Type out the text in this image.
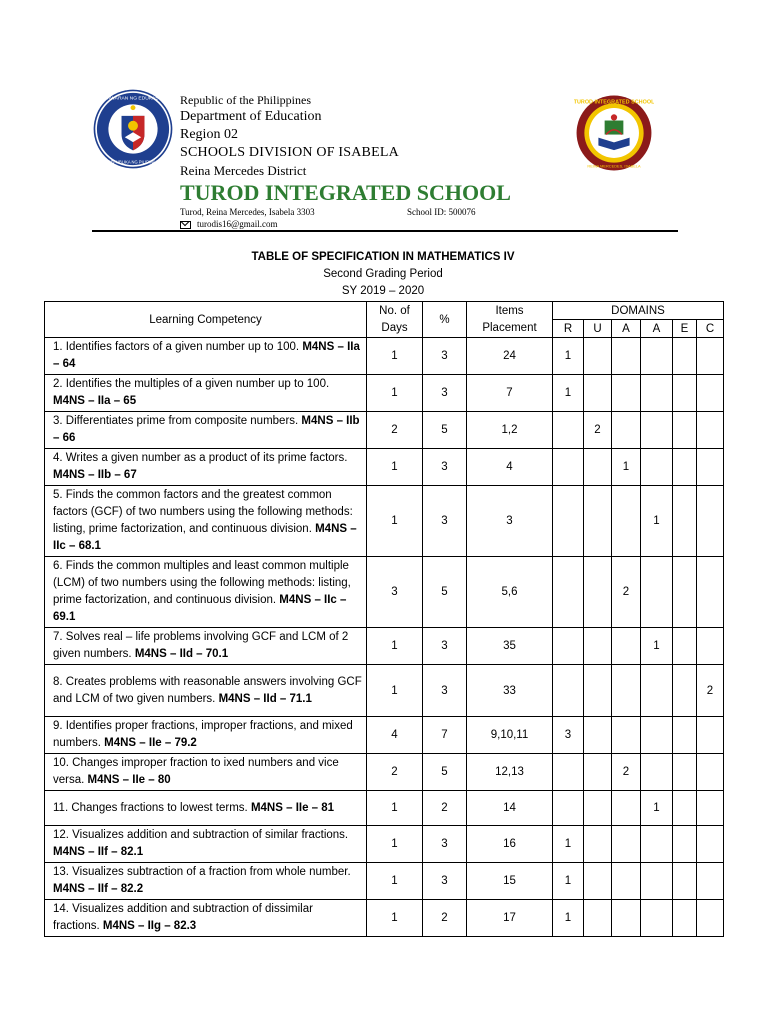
KAGAWARAN NG EDUKASYON
REPUBLIKA NG PILIPINAS
Republic of the Philippines
Department of Education
Region 02
SCHOOLS DIVISION OF ISABELA
Reina Mercedes District
TUROD INTEGRATED SCHOOL
Turod, Reina Mercedes, Isabela 3303	School ID: 500076
turodis16@gmail.com
TUROD INTEGRATED SCHOOL
REINA MERCEDES, ISABELA
TABLE OF SPECIFICATION IN MATHEMATICS IV
Second Grading Period
SY 2019 – 2020
Learning Competency	No. of Days	%	Items Placement	DOMAINS					
				R	U	A	A	E	C
1. Identifies factors of a given number up to 100. M4NS – IIa – 64	1	3	24	1					
2. Identifies the multiples of a given number up to 100. M4NS – IIa – 65	1	3	7	1					
3. Differentiates prime from composite numbers. M4NS – IIb – 66	2	5	1,2		2				
4. Writes a given number as a product of its prime factors. M4NS – IIb – 67	1	3	4			1			
5. Finds the common factors and the greatest common factors (GCF) of two numbers using the following methods: listing, prime factorization, and continuous division. M4NS – IIc – 68.1	1	3	3				1		
6. Finds the common multiples and least common multiple (LCM) of two numbers using the following methods: listing, prime factorization, and continuous division. M4NS – IIc – 69.1	3	5	5,6			2			
7. Solves real – life problems involving GCF and LCM of 2 given numbers. M4NS – IId – 70.1	1	3	35				1		
8. Creates problems with reasonable answers involving GCF and LCM of two given numbers. M4NS – IId – 71.1	1	3	33						2
9. Identifies proper fractions, improper fractions, and mixed numbers. M4NS – IIe – 79.2	4	7	9,10,11	3					
10. Changes improper fraction to ixed numbers and vice versa. M4NS – IIe – 80	2	5	12,13			2			
11. Changes fractions to lowest terms. M4NS – IIe – 81	1	2	14				1		
12. Visualizes addition and subtraction of similar fractions. M4NS – IIf – 82.1	1	3	16	1					
13. Visualizes subtraction of a fraction from whole number. M4NS – IIf – 82.2	1	3	15	1					
14. Visualizes addition and subtraction of dissimilar fractions. M4NS – IIg – 82.3	1	2	17	1					
